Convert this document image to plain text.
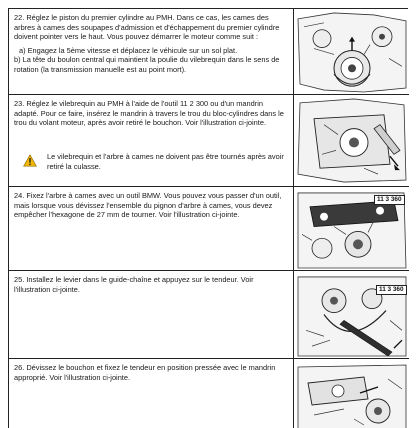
22. Réglez le piston du premier cylindre au PMH. Dans ce cas, les cames des arbres à cames des soupapes d'admission et d'échappement du premier cylindre doivent pointer vers le haut. Vous pouvez démarrer le moteur comme suit :

a) Engagez la 5ème vitesse et déplacez le véhicule sur un sol plat.

b) La tête du boulon central qui maintient la poulie du vilebrequin dans le sens de rotation (la transmission manuelle est au point mort).

23. Réglez le vilebrequin au PMH à l'aide de l'outil 11 2 300 ou d'un mandrin adapté. Pour ce faire, insérez le mandrin à travers le trou du bloc-cylindres dans le trou du volant moteur, après avoir retiré le bouchon. Voir l'illustration ci-jointe.

Le vilebrequin et l'arbre à cames ne doivent pas être tournés après avoir retiré la culasse.

24. Fixez l'arbre à cames avec un outil BMW. Vous pouvez vous passer d'un outil, mais lorsque vous dévissez l'ensemble du pignon d'arbre à cames, vous devez empêcher l'hexagone de 27 mm de tourner. Voir l'illustration ci-jointe.

11 3 360

25. Installez le levier dans le guide-chaîne et appuyez sur le tendeur. Voir l'illustration ci-jointe.	11 3 360

26. Dévissez le bouchon et fixez le tendeur en position pressée avec le mandrin approprié. Voir l'illustration ci-jointe.
